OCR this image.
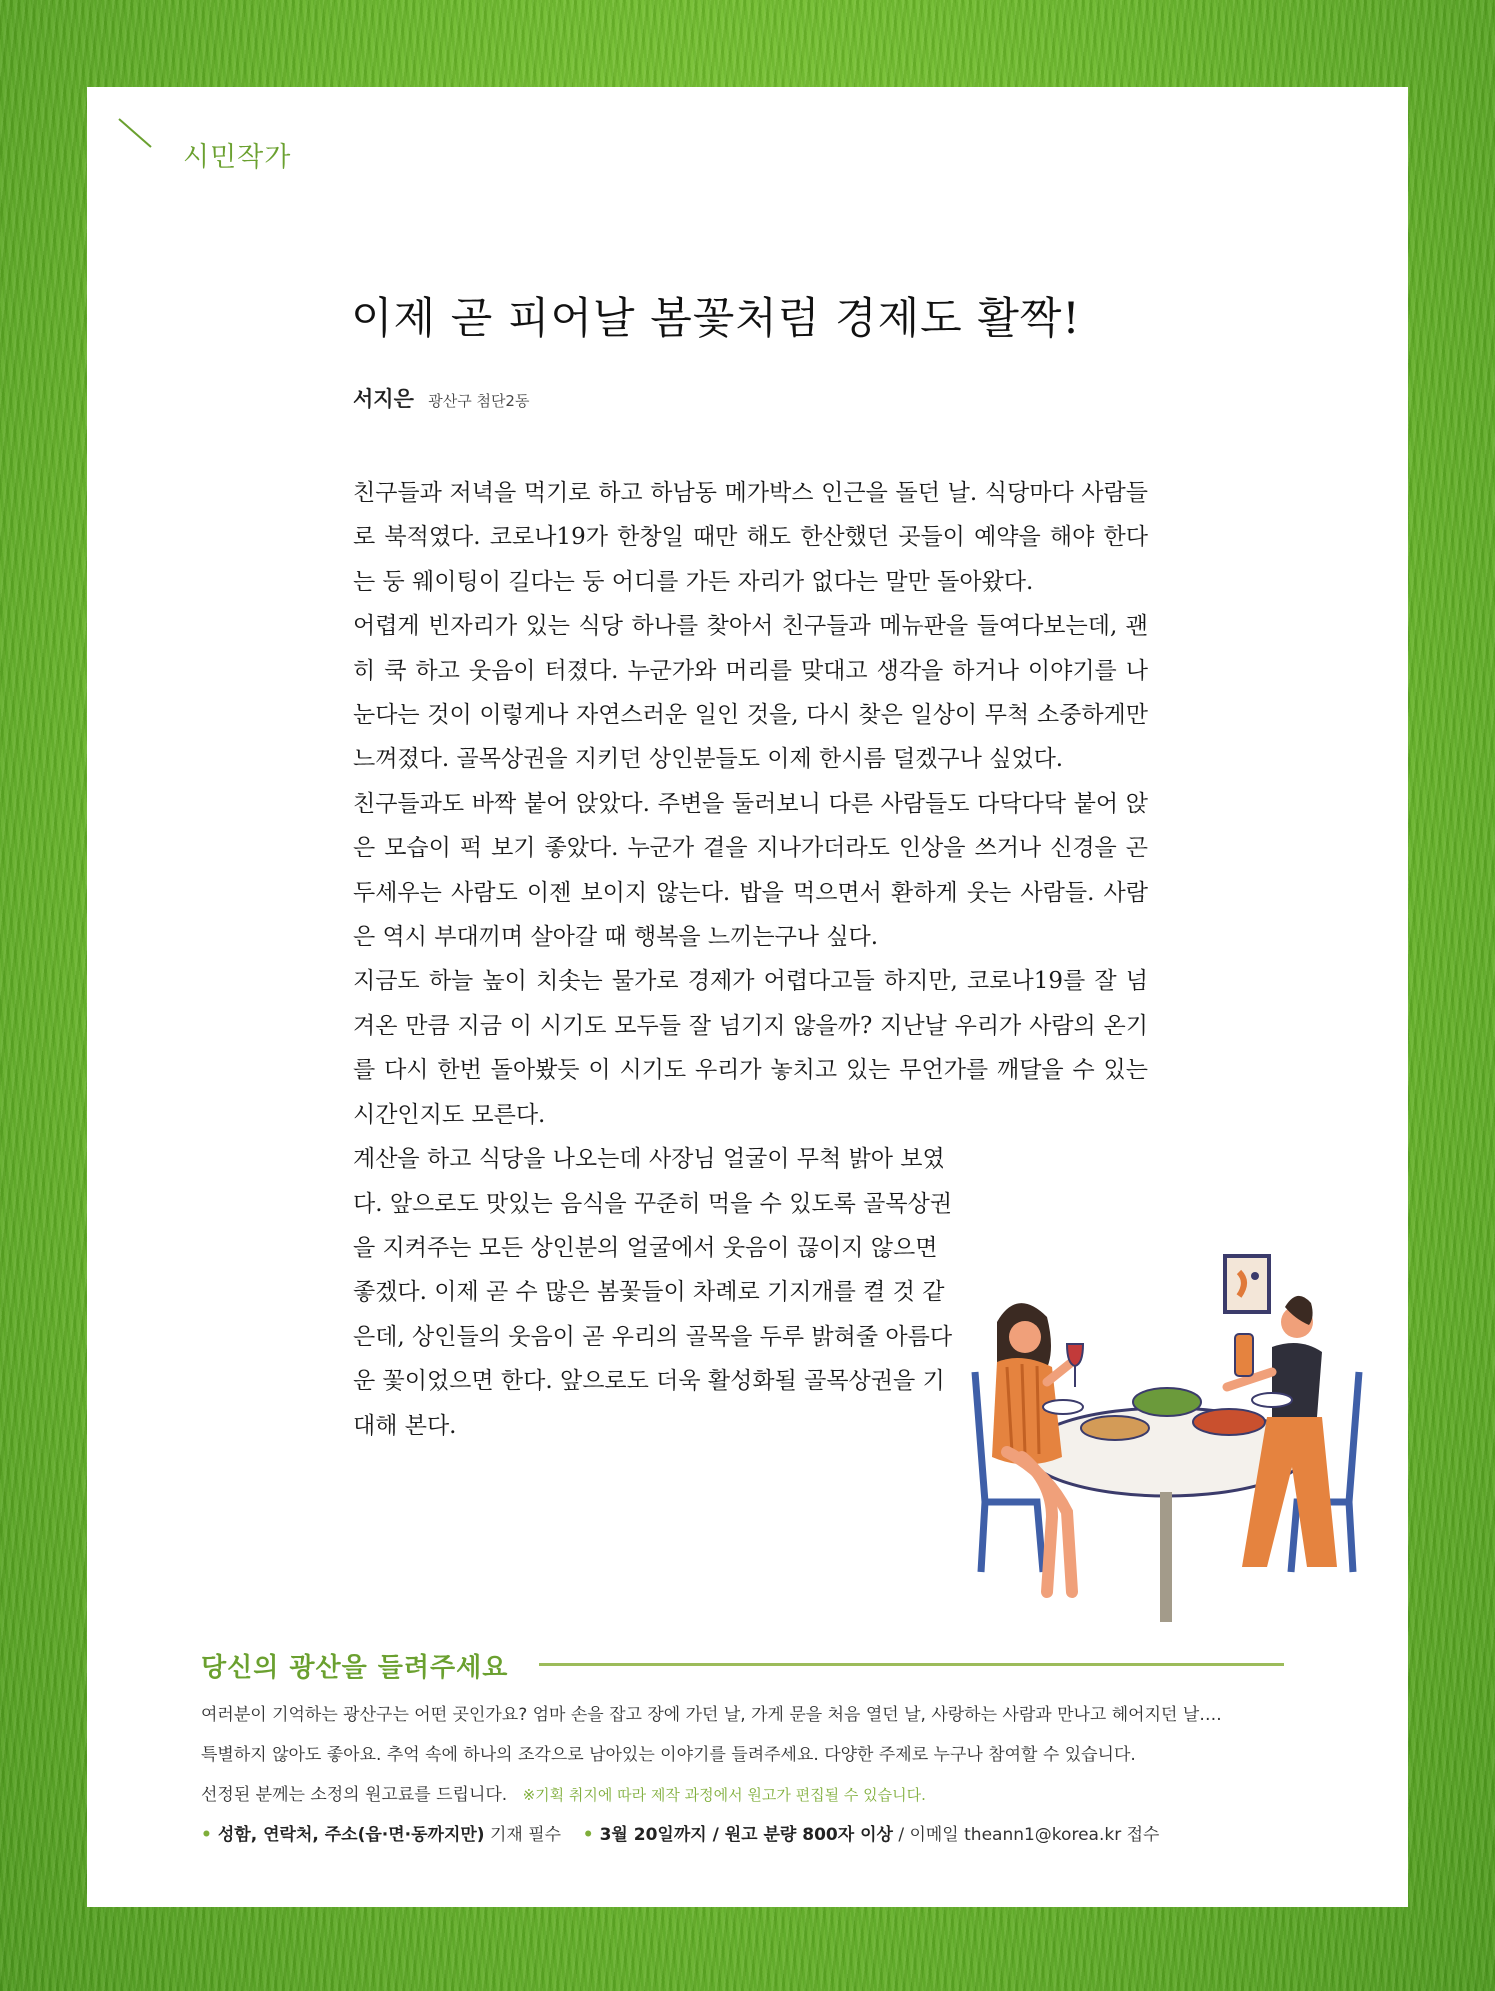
시민작가
이제 곧 피어날 봄꽃처럼 경제도 활짝!
서지은 광산구 첨단2동

친구들과 저녁을 먹기로 하고 하남동 메가박스 인근을 돌던 날. 식당마다 사람들로 북적였다. 코로나19가 한창일 때만 해도 한산했던 곳들이 예약을 해야 한다는 둥 웨이팅이 길다는 둥 어디를 가든 자리가 없다는 말만 돌아왔다.

어렵게 빈자리가 있는 식당 하나를 찾아서 친구들과 메뉴판을 들여다보는데, 괜히 쿡 하고 웃음이 터졌다. 누군가와 머리를 맞대고 생각을 하거나 이야기를 나눈다는 것이 이렇게나 자연스러운 일인 것을, 다시 찾은 일상이 무척 소중하게만 느껴졌다. 골목상권을 지키던 상인분들도 이제 한시름 덜겠구나 싶었다.

친구들과도 바짝 붙어 앉았다. 주변을 둘러보니 다른 사람들도 다닥다닥 붙어 앉은 모습이 퍽 보기 좋았다. 누군가 곁을 지나가더라도 인상을 쓰거나 신경을 곤두세우는 사람도 이젠 보이지 않는다. 밥을 먹으면서 환하게 웃는 사람들. 사람은 역시 부대끼며 살아갈 때 행복을 느끼는구나 싶다.

지금도 하늘 높이 치솟는 물가로 경제가 어렵다고들 하지만, 코로나19를 잘 넘겨온 만큼 지금 이 시기도 모두들 잘 넘기지 않을까? 지난날 우리가 사람의 온기를 다시 한번 돌아봤듯 이 시기도 우리가 놓치고 있는 무언가를 깨달을 수 있는 시간인지도 모른다.

계산을 하고 식당을 나오는데 사장님 얼굴이 무척 밝아 보였다. 앞으로도 맛있는 음식을 꾸준히 먹을 수 있도록 골목상권을 지켜주는 모든 상인분의 얼굴에서 웃음이 끊이지 않으면 좋겠다. 이제 곧 수 많은 봄꽃들이 차례로 기지개를 켤 것 같은데, 상인들의 웃음이 곧 우리의 골목을 두루 밝혀줄 아름다운 꽃이었으면 한다. 앞으로도 더욱 활성화될 골목상권을 기대해 본다.

당신의 광산을 들려주세요
여러분이 기억하는 광산구는 어떤 곳인가요? 엄마 손을 잡고 장에 가던 날, 가게 문을 처음 열던 날, 사랑하는 사람과 만나고 헤어지던 날….
특별하지 않아도 좋아요. 추억 속에 하나의 조각으로 남아있는 이야기를 들려주세요. 다양한 주제로 누구나 참여할 수 있습니다.
선정된 분께는 소정의 원고료를 드립니다. ※기획 취지에 따라 제작 과정에서 원고가 편집될 수 있습니다.
• 성함, 연락처, 주소(읍·면·동까지만) 기재 필수 • 3월 20일까지 / 원고 분량 800자 이상 / 이메일 theann1@korea.kr 접수
